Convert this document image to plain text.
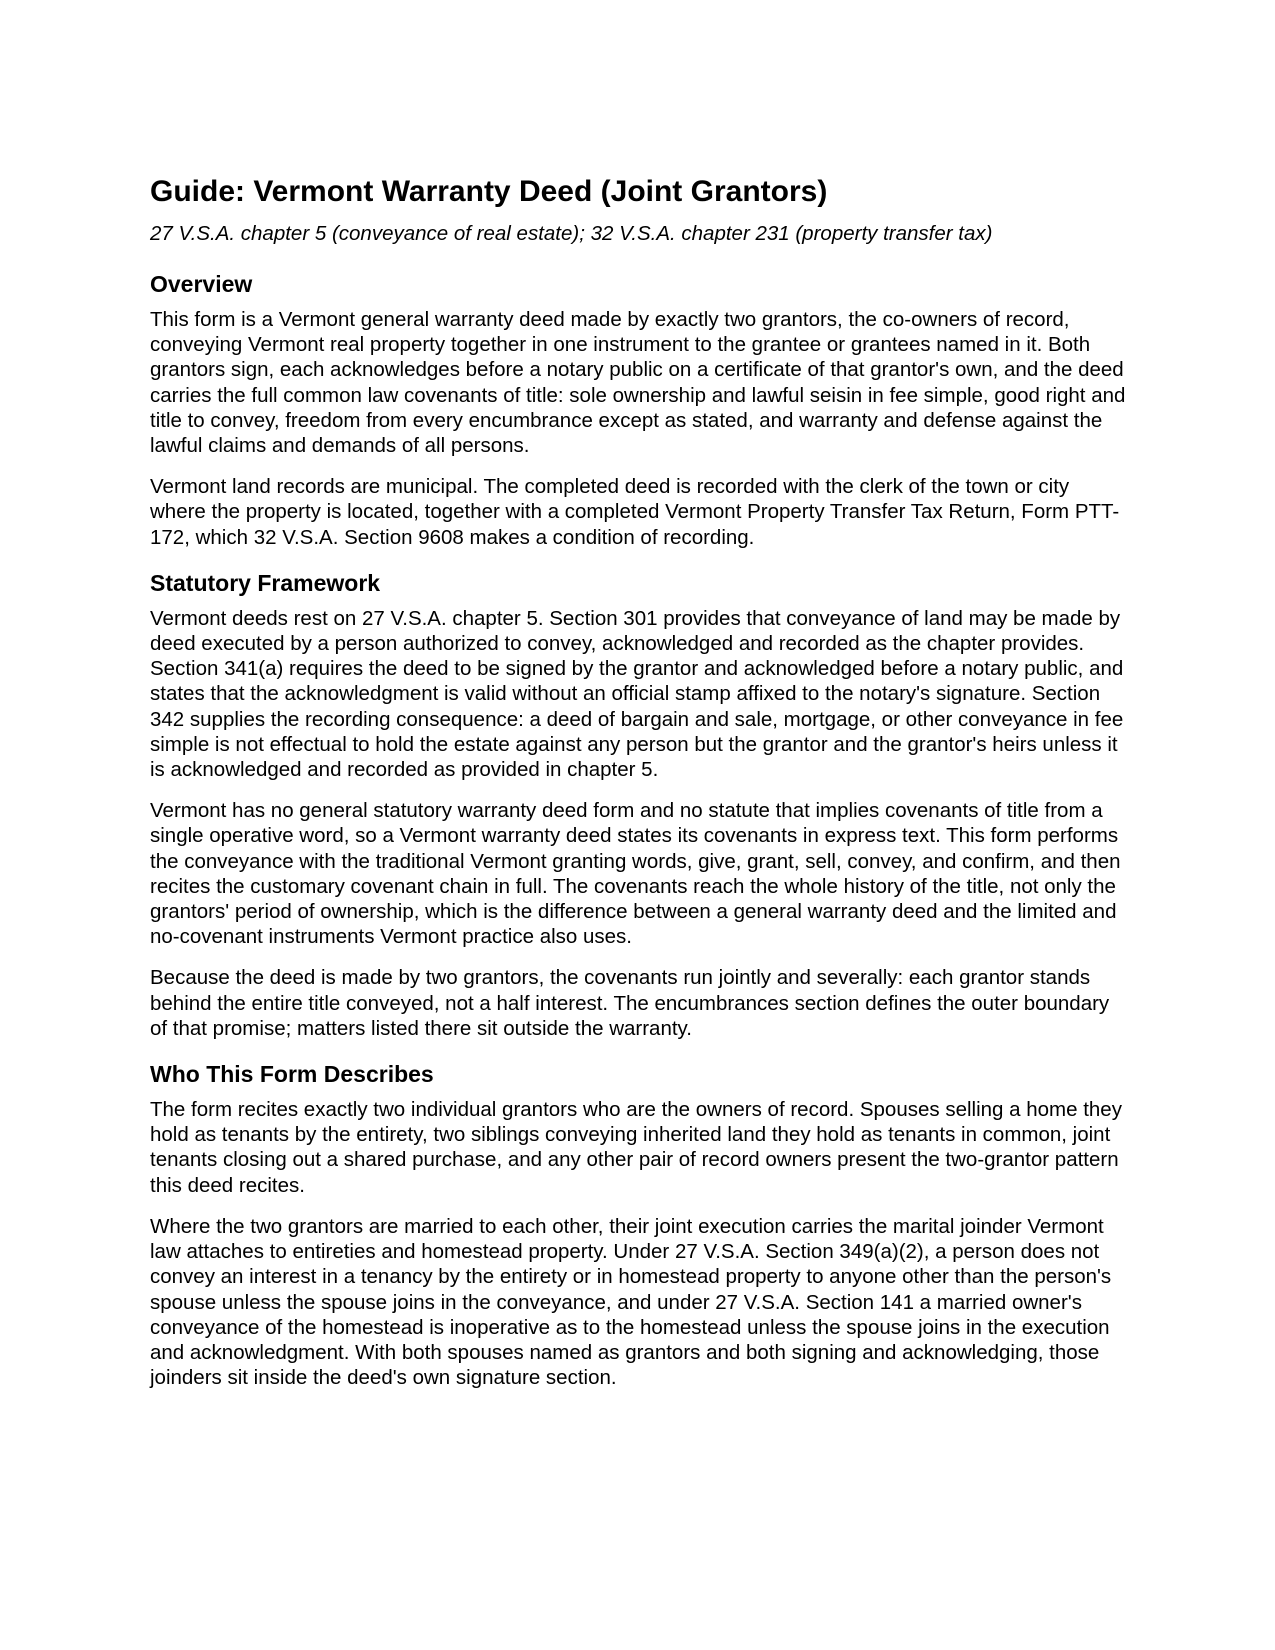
Guide: Vermont Warranty Deed (Joint Grantors)
27 V.S.A. chapter 5 (conveyance of real estate); 32 V.S.A. chapter 231 (property transfer tax)
Overview

This form is a Vermont general warranty deed made by exactly two grantors, the co-owners of record, conveying Vermont real property together in one instrument to the grantee or grantees named in it. Both grantors sign, each acknowledges before a notary public on a certificate of that grantor's own, and the deed carries the full common law covenants of title: sole ownership and lawful seisin in fee simple, good right and title to convey, freedom from every encumbrance except as stated, and warranty and defense against the lawful claims and demands of all persons.

Vermont land records are municipal. The completed deed is recorded with the clerk of the town or city where the property is located, together with a completed Vermont Property Transfer Tax Return, Form PTT-172, which 32 V.S.A. Section 9608 makes a condition of recording.

Statutory Framework

Vermont deeds rest on 27 V.S.A. chapter 5. Section 301 provides that conveyance of land may be made by deed executed by a person authorized to convey, acknowledged and recorded as the chapter provides. Section 341(a) requires the deed to be signed by the grantor and acknowledged before a notary public, and states that the acknowledgment is valid without an official stamp affixed to the notary's signature. Section 342 supplies the recording consequence: a deed of bargain and sale, mortgage, or other conveyance in fee simple is not effectual to hold the estate against any person but the grantor and the grantor's heirs unless it is acknowledged and recorded as provided in chapter 5.

Vermont has no general statutory warranty deed form and no statute that implies covenants of title from a single operative word, so a Vermont warranty deed states its covenants in express text. This form performs the conveyance with the traditional Vermont granting words, give, grant, sell, convey, and confirm, and then recites the customary covenant chain in full. The covenants reach the whole history of the title, not only the grantors' period of ownership, which is the difference between a general warranty deed and the limited and no-covenant instruments Vermont practice also uses.

Because the deed is made by two grantors, the covenants run jointly and severally: each grantor stands behind the entire title conveyed, not a half interest. The encumbrances section defines the outer boundary of that promise; matters listed there sit outside the warranty.

Who This Form Describes

The form recites exactly two individual grantors who are the owners of record. Spouses selling a home they hold as tenants by the entirety, two siblings conveying inherited land they hold as tenants in common, joint tenants closing out a shared purchase, and any other pair of record owners present the two-grantor pattern this deed recites.

Where the two grantors are married to each other, their joint execution carries the marital joinder Vermont law attaches to entireties and homestead property. Under 27 V.S.A. Section 349(a)(2), a person does not convey an interest in a tenancy by the entirety or in homestead property to anyone other than the person's spouse unless the spouse joins in the conveyance, and under 27 V.S.A. Section 141 a married owner's conveyance of the homestead is inoperative as to the homestead unless the spouse joins in the execution and acknowledgment. With both spouses named as grantors and both signing and acknowledging, those joinders sit inside the deed's own signature section.
